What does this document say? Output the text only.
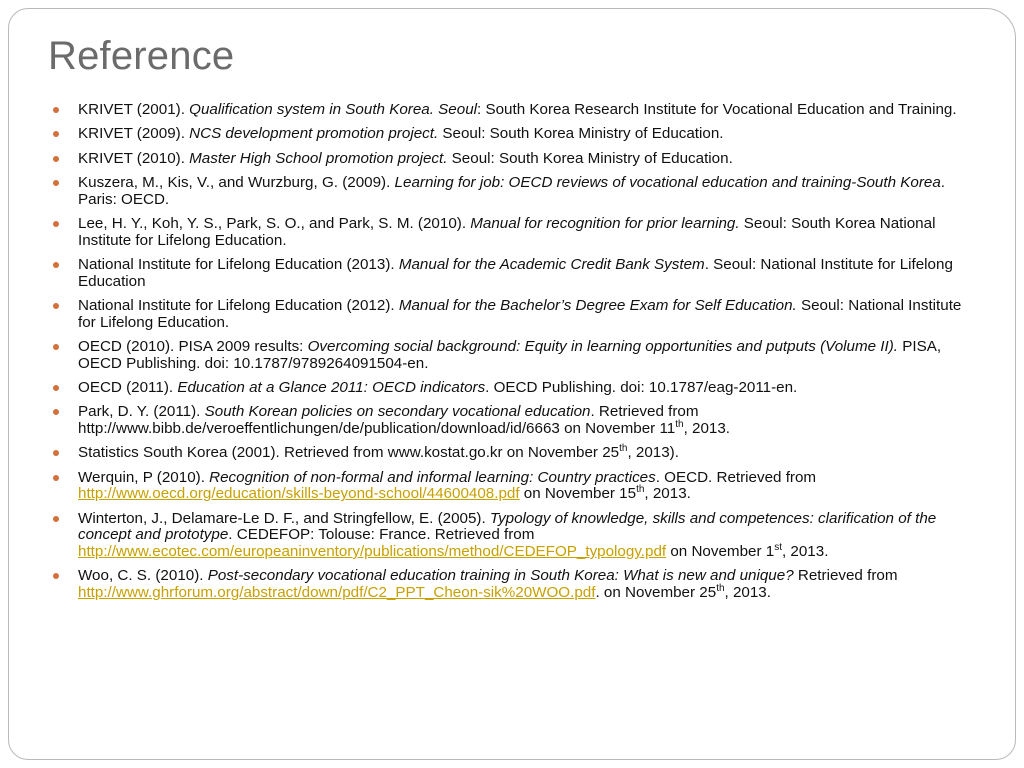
Reference
KRIVET (2001). Qualification system in South Korea. Seoul: South Korea Research Institute for Vocational Education and Training.
KRIVET (2009). NCS development promotion project. Seoul: South Korea Ministry of Education.
KRIVET (2010). Master High School promotion project. Seoul: South Korea Ministry of Education.
Kuszera, M., Kis, V., and Wurzburg, G. (2009). Learning for job: OECD reviews of vocational education and training-South Korea. Paris: OECD.
Lee, H. Y., Koh, Y. S., Park, S. O., and Park, S. M. (2010). Manual for recognition for prior learning. Seoul: South Korea National Institute for Lifelong Education.
National Institute for Lifelong Education (2013). Manual for the Academic Credit Bank System. Seoul: National Institute for Lifelong Education
National Institute for Lifelong Education (2012). Manual for the Bachelor’s Degree Exam for Self Education. Seoul: National Institute for Lifelong Education.
OECD (2010). PISA 2009 results: Overcoming social background: Equity in learning opportunities and putputs (Volume II). PISA, OECD Publishing. doi: 10.1787/9789264091504-en.
OECD (2011). Education at a Glance 2011: OECD indicators. OECD Publishing. doi: 10.1787/eag-2011-en.
Park, D. Y. (2011). South Korean policies on secondary vocational education. Retrieved from http://www.bibb.de/veroeffentlichungen/de/publication/download/id/6663 on November 11th, 2013.
Statistics South Korea (2001). Retrieved from www.kostat.go.kr on November 25th, 2013).
Werquin, P (2010). Recognition of non-formal and informal learning: Country practices. OECD. Retrieved from http://www.oecd.org/education/skills-beyond-school/44600408.pdf on November 15th, 2013.
Winterton, J., Delamare-Le D. F., and Stringfellow, E. (2005). Typology of knowledge, skills and competences: clarification of the concept and prototype. CEDEFOP: Tolouse: France. Retrieved from http://www.ecotec.com/europeaninventory/publications/method/CEDEFOP_typology.pdf on November 1st, 2013.
Woo, C. S. (2010). Post-secondary vocational education training in South Korea: What is new and unique? Retrieved from http://www.ghrforum.org/abstract/down/pdf/C2_PPT_Cheon-sik%20WOO.pdf. on November 25th, 2013.
